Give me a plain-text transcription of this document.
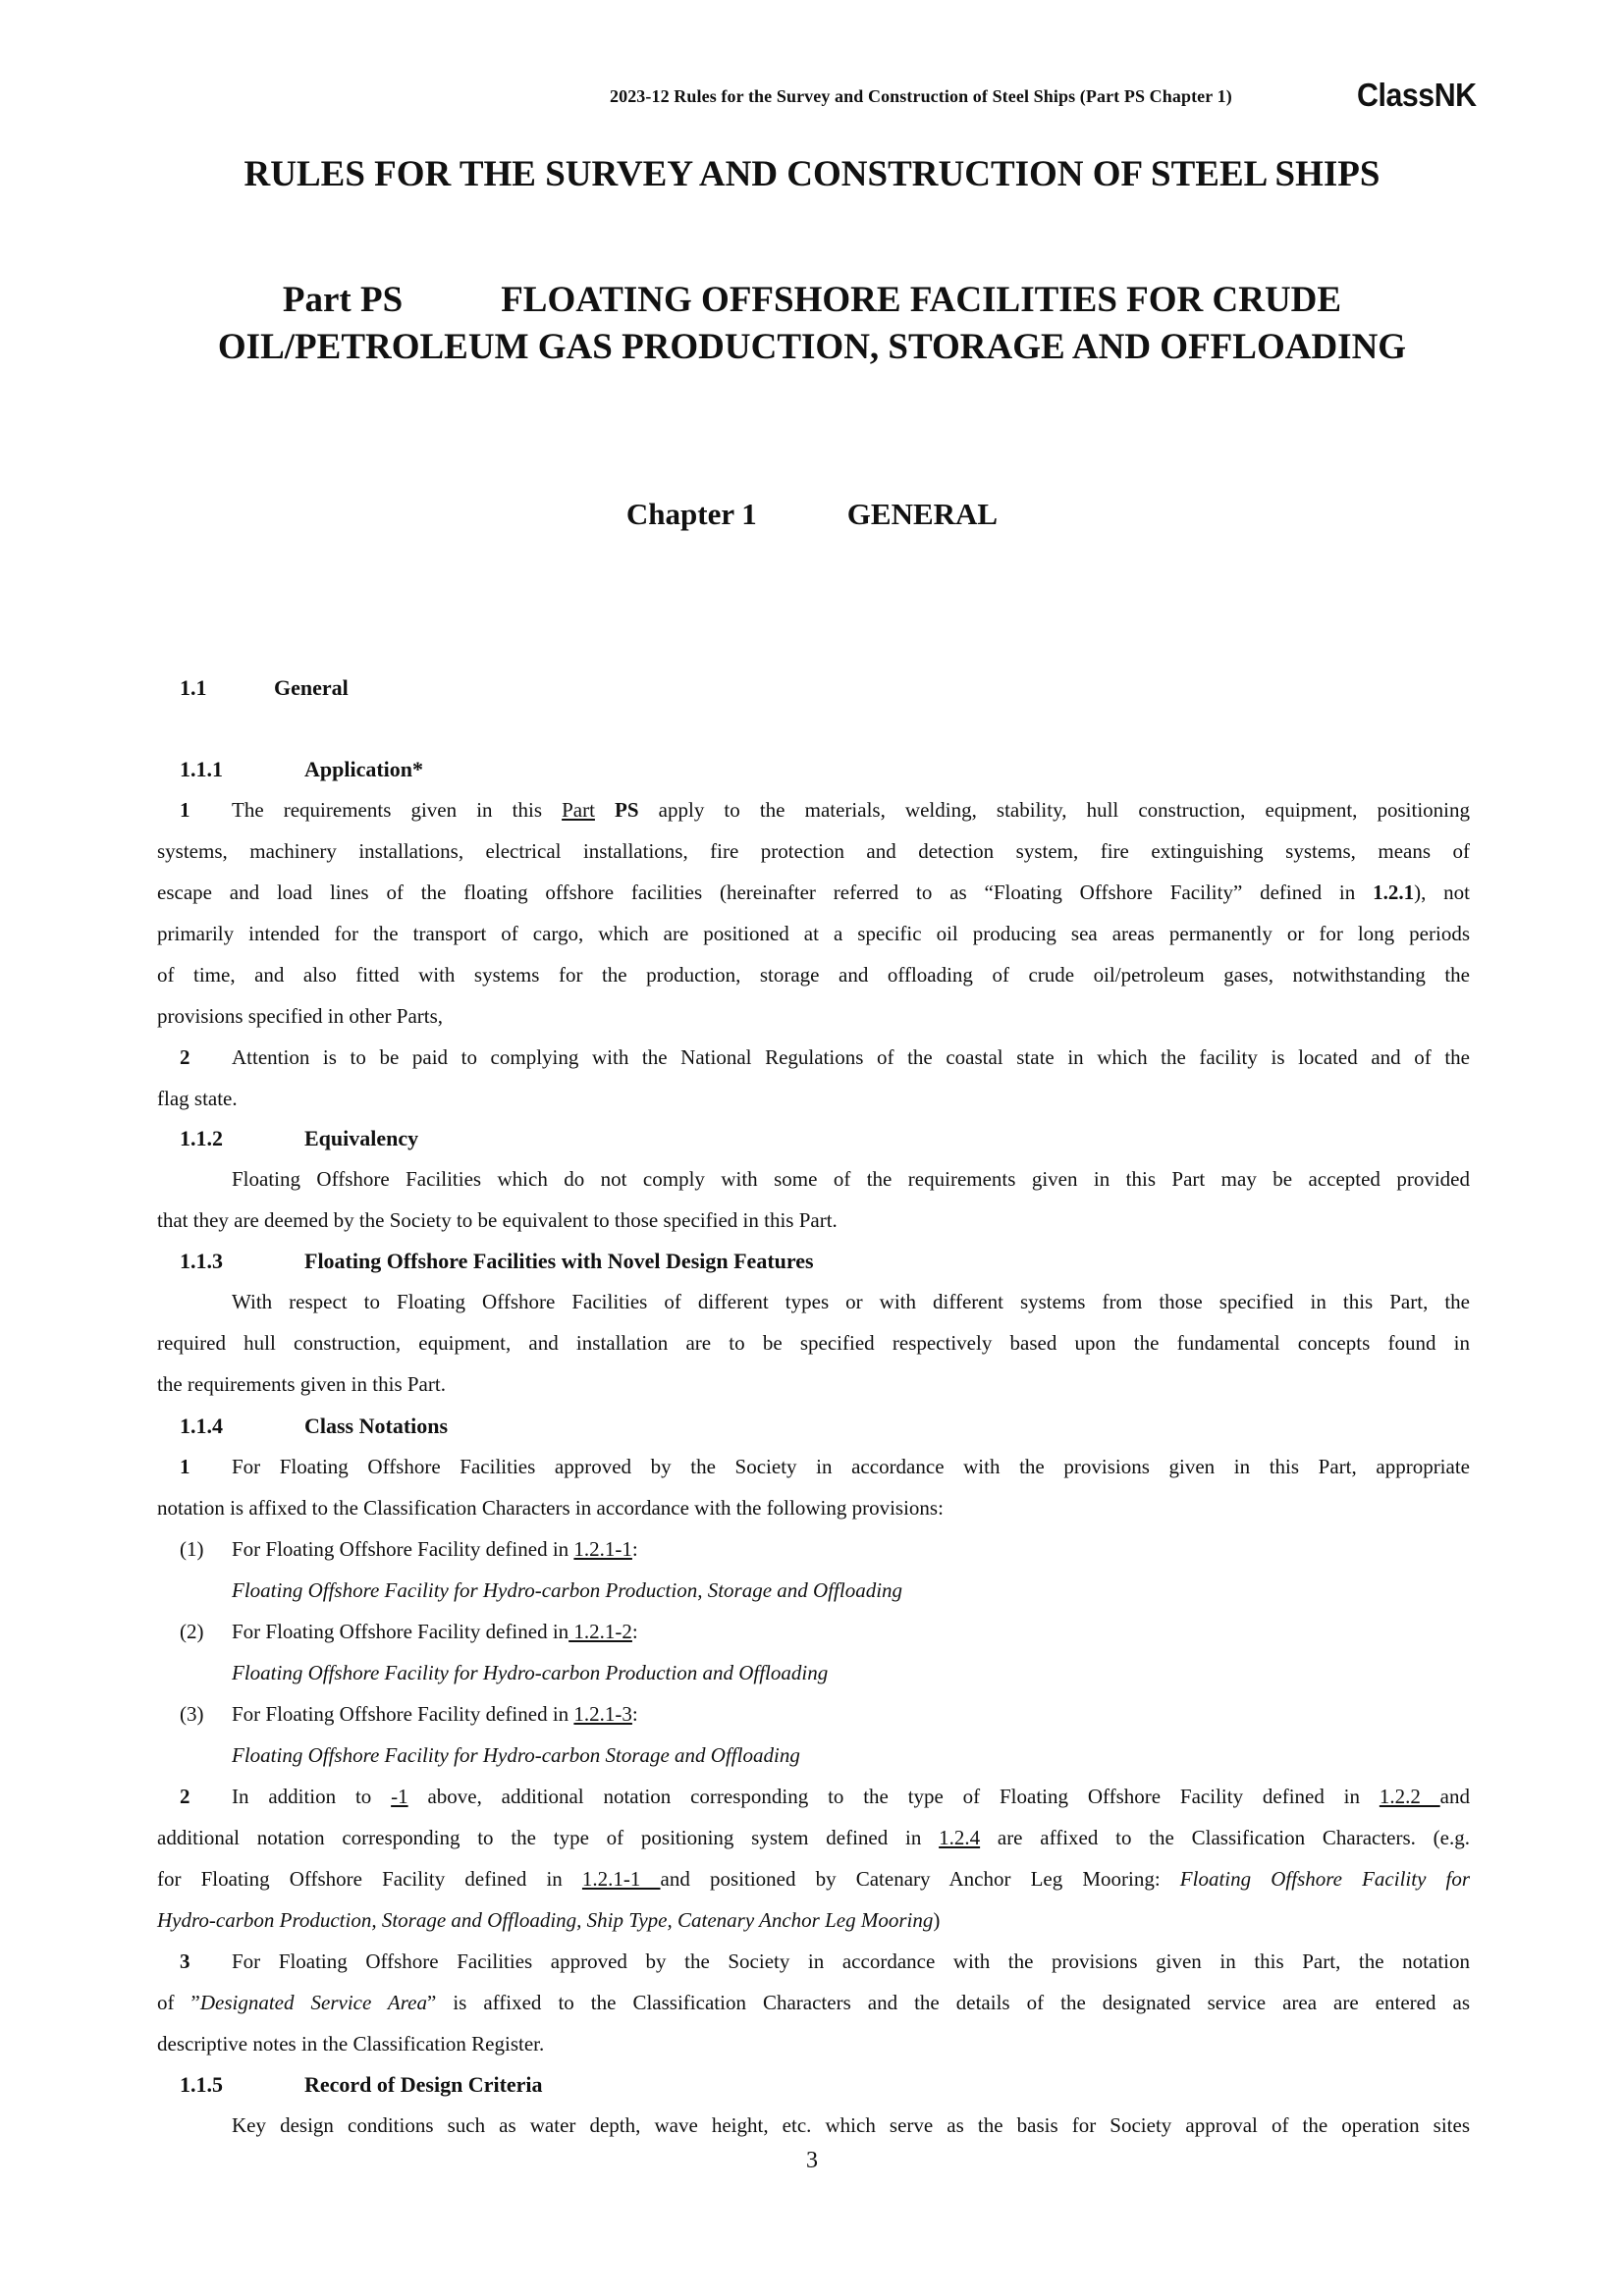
2023-12 Rules for the Survey and Construction of Steel Ships (Part PS Chapter 1)	ClassNK
RULES FOR THE SURVEY AND CONSTRUCTION OF STEEL SHIPS
Part PS	FLOATING OFFSHORE FACILITIES FOR CRUDE
OIL/PETROLEUM GAS PRODUCTION, STORAGE AND OFFLOADING
Chapter 1	GENERAL
1.1	General
1.1.1	Application*
1 The requirements given in this Part PS apply to the materials, welding, stability, hull construction, equipment, positioning
systems, machinery installations, electrical installations, fire protection and detection system, fire extinguishing systems, means of
escape and load lines of the floating offshore facilities (hereinafter referred to as “Floating Offshore Facility” defined in 1.2.1), not
primarily intended for the transport of cargo, which are positioned at a specific oil producing sea areas permanently or for long periods
of time, and also fitted with systems for the production, storage and offloading of crude oil/petroleum gases, notwithstanding the
provisions specified in other Parts,
2 Attention is to be paid to complying with the National Regulations of the coastal state in which the facility is located and of the
flag state.
1.1.2	Equivalency
Floating Offshore Facilities which do not comply with some of the requirements given in this Part may be accepted provided
that they are deemed by the Society to be equivalent to those specified in this Part.
1.1.3	Floating Offshore Facilities with Novel Design Features
With respect to Floating Offshore Facilities of different types or with different systems from those specified in this Part, the
required hull construction, equipment, and installation are to be specified respectively based upon the fundamental concepts found in
the requirements given in this Part.
1.1.4	Class Notations
1 For Floating Offshore Facilities approved by the Society in accordance with the provisions given in this Part, appropriate
notation is affixed to the Classification Characters in accordance with the following provisions:
(1) For Floating Offshore Facility defined in 1.2.1-1:
Floating Offshore Facility for Hydro-carbon Production, Storage and Offloading
(2) For Floating Offshore Facility defined in 1.2.1-2:
Floating Offshore Facility for Hydro-carbon Production and Offloading
(3) For Floating Offshore Facility defined in 1.2.1-3:
Floating Offshore Facility for Hydro-carbon Storage and Offloading
2 In addition to -1 above, additional notation corresponding to the type of Floating Offshore Facility defined in 1.2.2 and
additional notation corresponding to the type of positioning system defined in 1.2.4 are affixed to the Classification Characters. (e.g.
for Floating Offshore Facility defined in 1.2.1-1 and positioned by Catenary Anchor Leg Mooring: Floating Offshore Facility for
Hydro-carbon Production, Storage and Offloading, Ship Type, Catenary Anchor Leg Mooring)
3 For Floating Offshore Facilities approved by the Society in accordance with the provisions given in this Part, the notation
of ”Designated Service Area” is affixed to the Classification Characters and the details of the designated service area are entered as
descriptive notes in the Classification Register.
1.1.5	Record of Design Criteria
Key design conditions such as water depth, wave height, etc. which serve as the basis for Society approval of the operation sites
3
